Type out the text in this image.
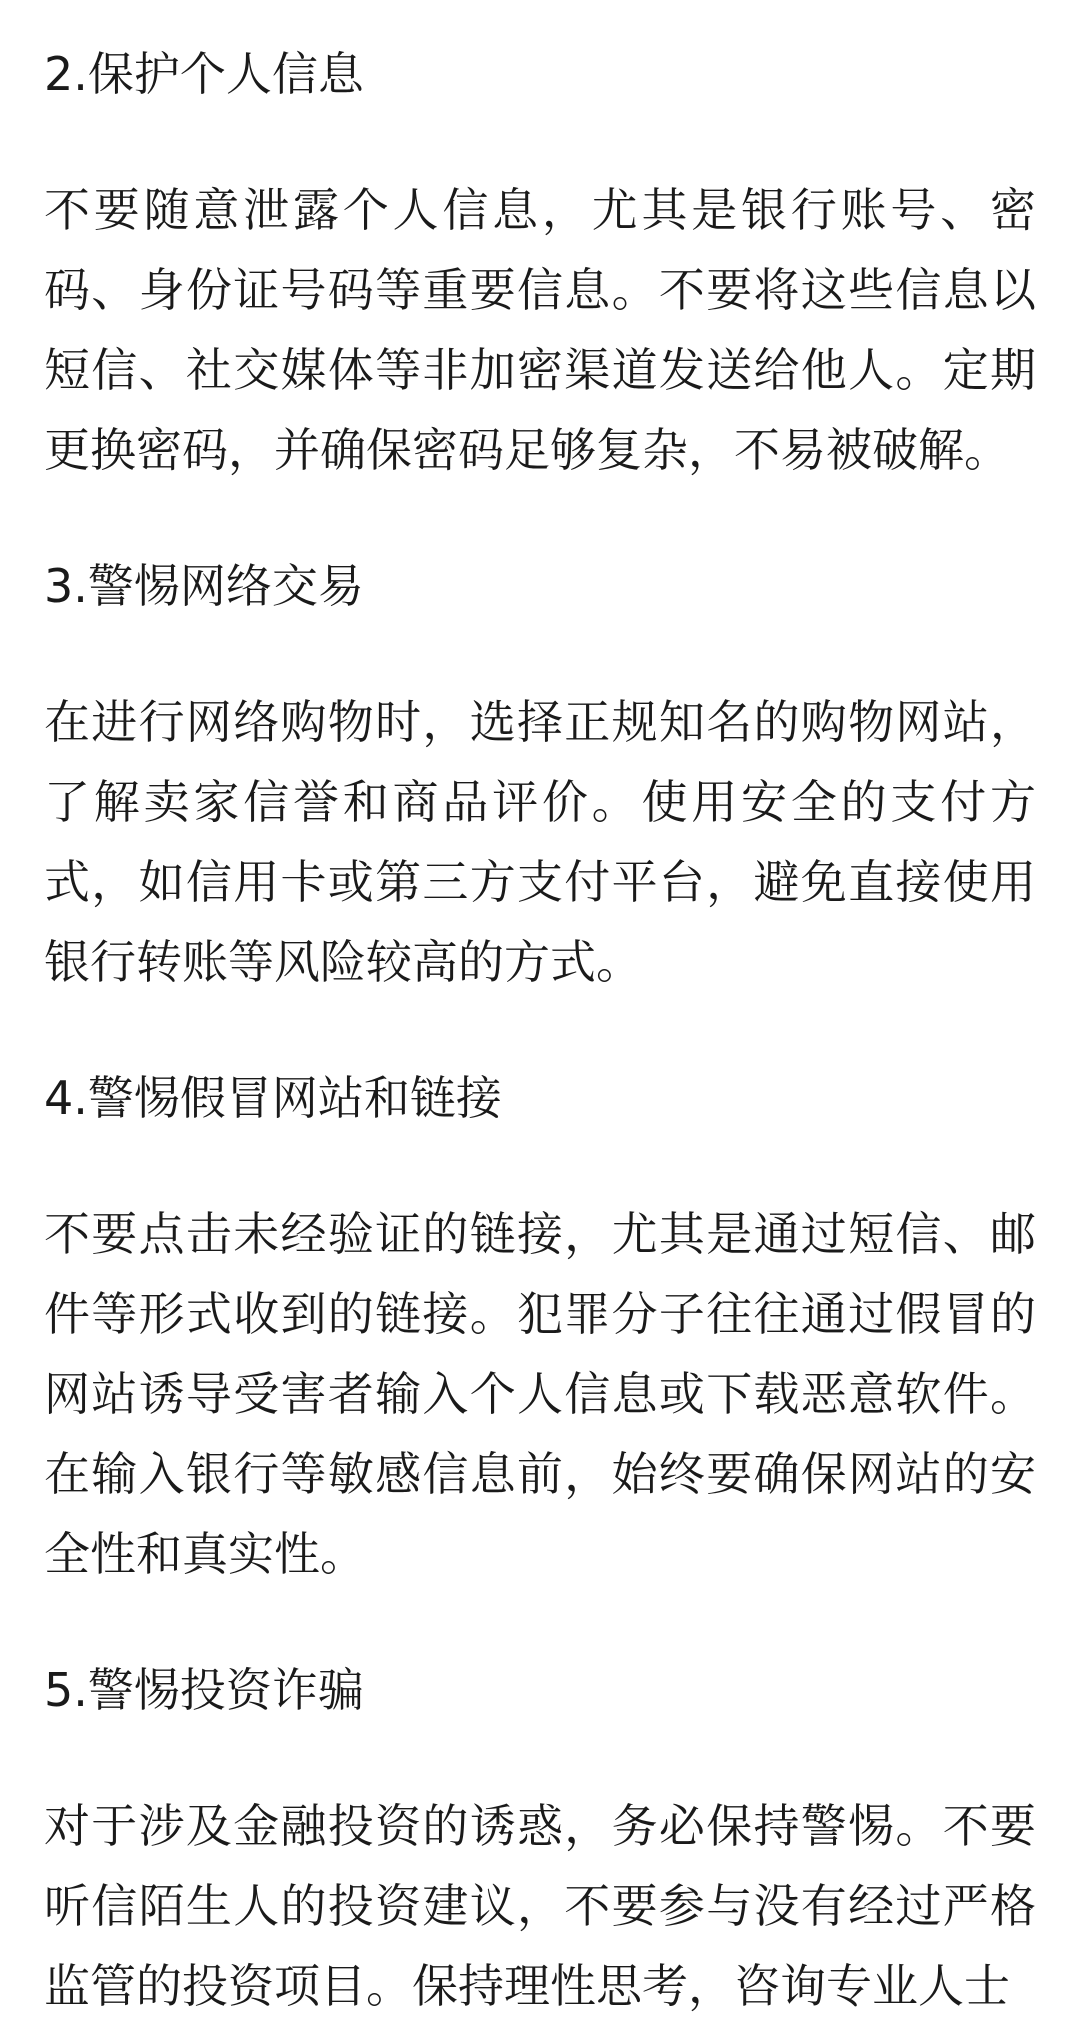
2.保护个人信息

不要随意泄露个人信息，尤其是银行账号、密码、身份证号码等重要信息。不要将这些信息以短信、社交媒体等非加密渠道发送给他人。定期更换密码，并确保密码足够复杂，不易被破解。

3.警惕网络交易

在进行网络购物时，选择正规知名的购物网站，了解卖家信誉和商品评价。使用安全的支付方式，如信用卡或第三方支付平台，避免直接使用银行转账等风险较高的方式。

4.警惕假冒网站和链接

不要点击未经验证的链接，尤其是通过短信、邮件等形式收到的链接。犯罪分子往往通过假冒的网站诱导受害者输入个人信息或下载恶意软件。在输入银行等敏感信息前，始终要确保网站的安全性和真实性。

5.警惕投资诈骗

对于涉及金融投资的诱惑，务必保持警惕。不要听信陌生人的投资建议，不要参与没有经过严格监管的投资项目。保持理性思考，咨询专业人士
